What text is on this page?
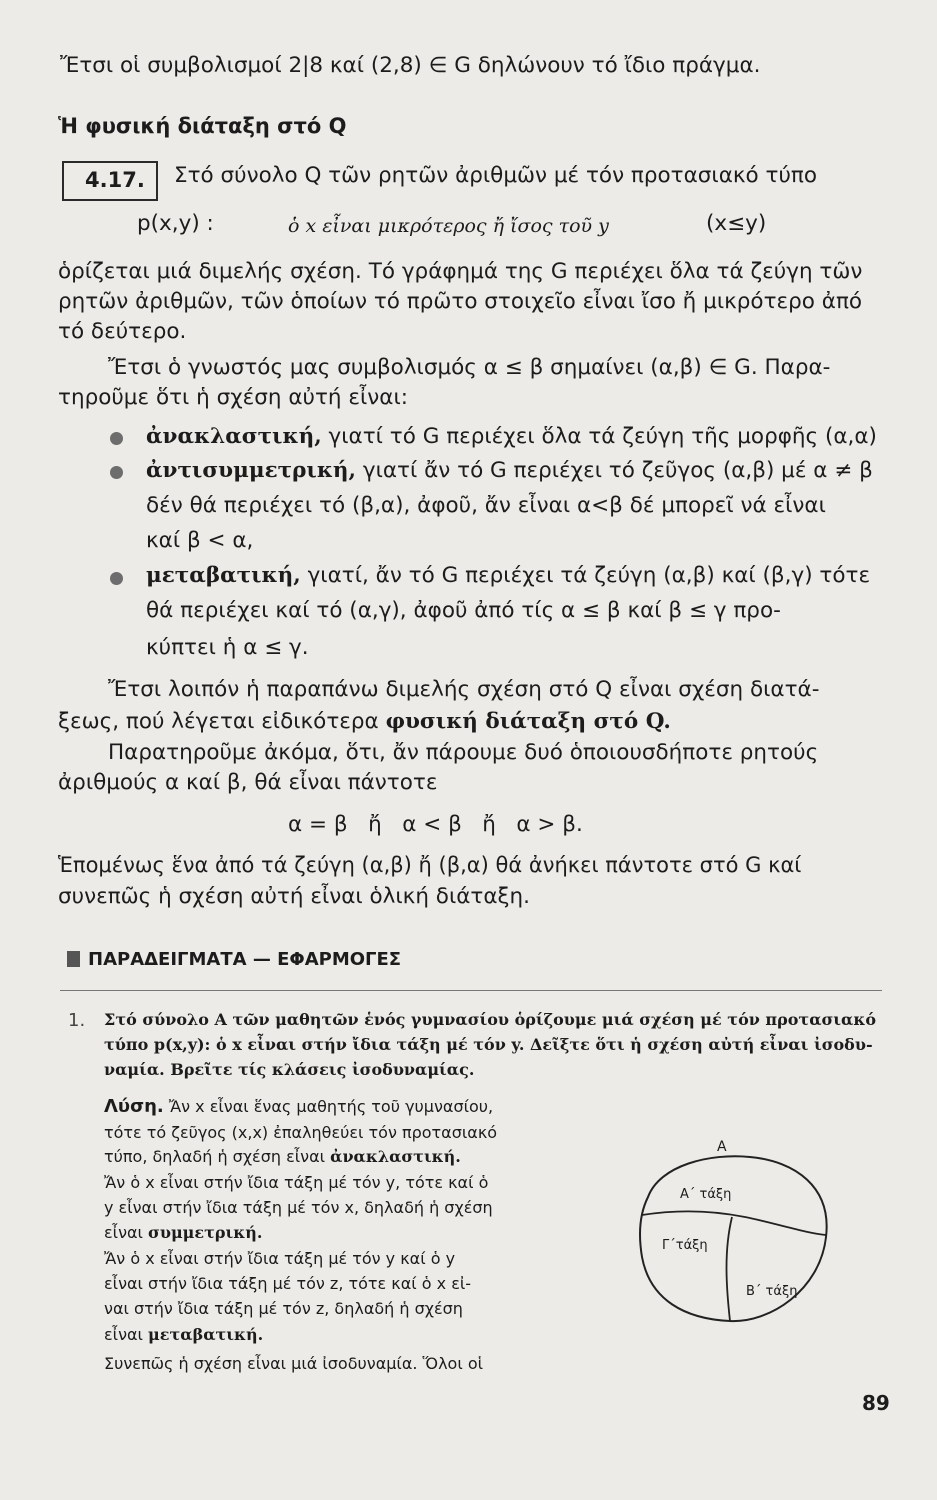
Ἔτσι οἱ συμβολισμοί 2|8 καί (2,8) ∈ G δηλώνουν τό ἴδιο πράγμα.
Ἡ φυσική διάταξη στό Q
4.17. Στό σύνολο Q τῶν ρητῶν ἀριθμῶν μέ τόν προτασιακό τύπο
p(x,y) :	ὁ x εἶναι μικρότερος ἤ ἴσος τοῦ y	(x≤y)
ὁρίζεται μιά διμελής σχέση. Τό γράφημά της G περιέχει ὅλα τά ζεύγη τῶν
ρητῶν ἀριθμῶν, τῶν ὁποίων τό πρῶτο στοιχεῖο εἶναι ἴσο ἤ μικρότερο ἀπό
τό δεύτερο.
Ἔτσι ὁ γνωστός μας συμβολισμός α ≤ β σημαίνει (α,β) ∈ G. Παρα-
τηροῦμε ὅτι ἡ σχέση αὐτή εἶναι:
ἀνακλαστική, γιατί τό G περιέχει ὅλα τά ζεύγη τῆς μορφῆς (α,α)
ἀντισυμμετρική, γιατί ἄν τό G περιέχει τό ζεῦγος (α,β) μέ α ≠ β
δέν θά περιέχει τό (β,α), ἀφοῦ, ἄν εἶναι α<β δέ μπορεῖ νά εἶναι
καί β < α,
μεταβατική, γιατί, ἄν τό G περιέχει τά ζεύγη (α,β) καί (β,γ) τότε
θά περιέχει καί τό (α,γ), ἀφοῦ ἀπό τίς α ≤ β καί β ≤ γ προ-
κύπτει ἡ α ≤ γ.
Ἔτσι λοιπόν ἡ παραπάνω διμελής σχέση στό Q εἶναι σχέση διατά-
ξεως, πού λέγεται εἰδικότερα φυσική διάταξη στό Q.
Παρατηροῦμε ἀκόμα, ὅτι, ἄν πάρουμε δυό ὁποιουσδήποτε ρητούς
ἀριθμούς α καί β, θά εἶναι πάντοτε
α = β   ἤ   α < β   ἤ   α > β.
Ἑπομένως ἕνα ἀπό τά ζεύγη (α,β) ἤ (β,α) θά ἀνήκει πάντοτε στό G καί
συνεπῶς ἡ σχέση αὐτή εἶναι ὁλική διάταξη.
ΠΑΡΑΔΕΙΓΜΑΤΑ — ΕΦΑΡΜΟΓΕΣ
1. Στό σύνολο A τῶν μαθητῶν ἑνός γυμνασίου ὁρίζουμε μιά σχέση μέ τόν προτασιακό
τύπο p(x,y): ὁ x εἶναι στήν ἴδια τάξη μέ τόν y. Δεῖξτε ὅτι ἡ σχέση αὐτή εἶναι ἰσοδυ-
ναμία. Βρεῖτε τίς κλάσεις ἰσοδυναμίας.
Λύση. Ἄν x εἶναι ἕνας μαθητής τοῦ γυμνασίου,
τότε τό ζεῦγος (x,x) ἐπαληθεύει τόν προτασιακό
τύπο, δηλαδή ἡ σχέση εἶναι ἀνακλαστική.
Ἄν ὁ x εἶναι στήν ἴδια τάξη μέ τόν y, τότε καί ὁ
y εἶναι στήν ἴδια τάξη μέ τόν x, δηλαδή ἡ σχέση
εἶναι συμμετρική.
Ἄν ὁ x εἶναι στήν ἴδια τάξη μέ τόν y καί ὁ y
εἶναι στήν ἴδια τάξη μέ τόν z, τότε καί ὁ x εἰ-
ναι στήν ἴδια τάξη μέ τόν z, δηλαδή ἡ σχέση
εἶναι μεταβατική.
Συνεπῶς ἡ σχέση εἶναι μιά ἰσοδυναμία. Ὅλοι οἱ
A
Α΄ τάξη
Γ΄τάξη
Β΄ τάξη
89
